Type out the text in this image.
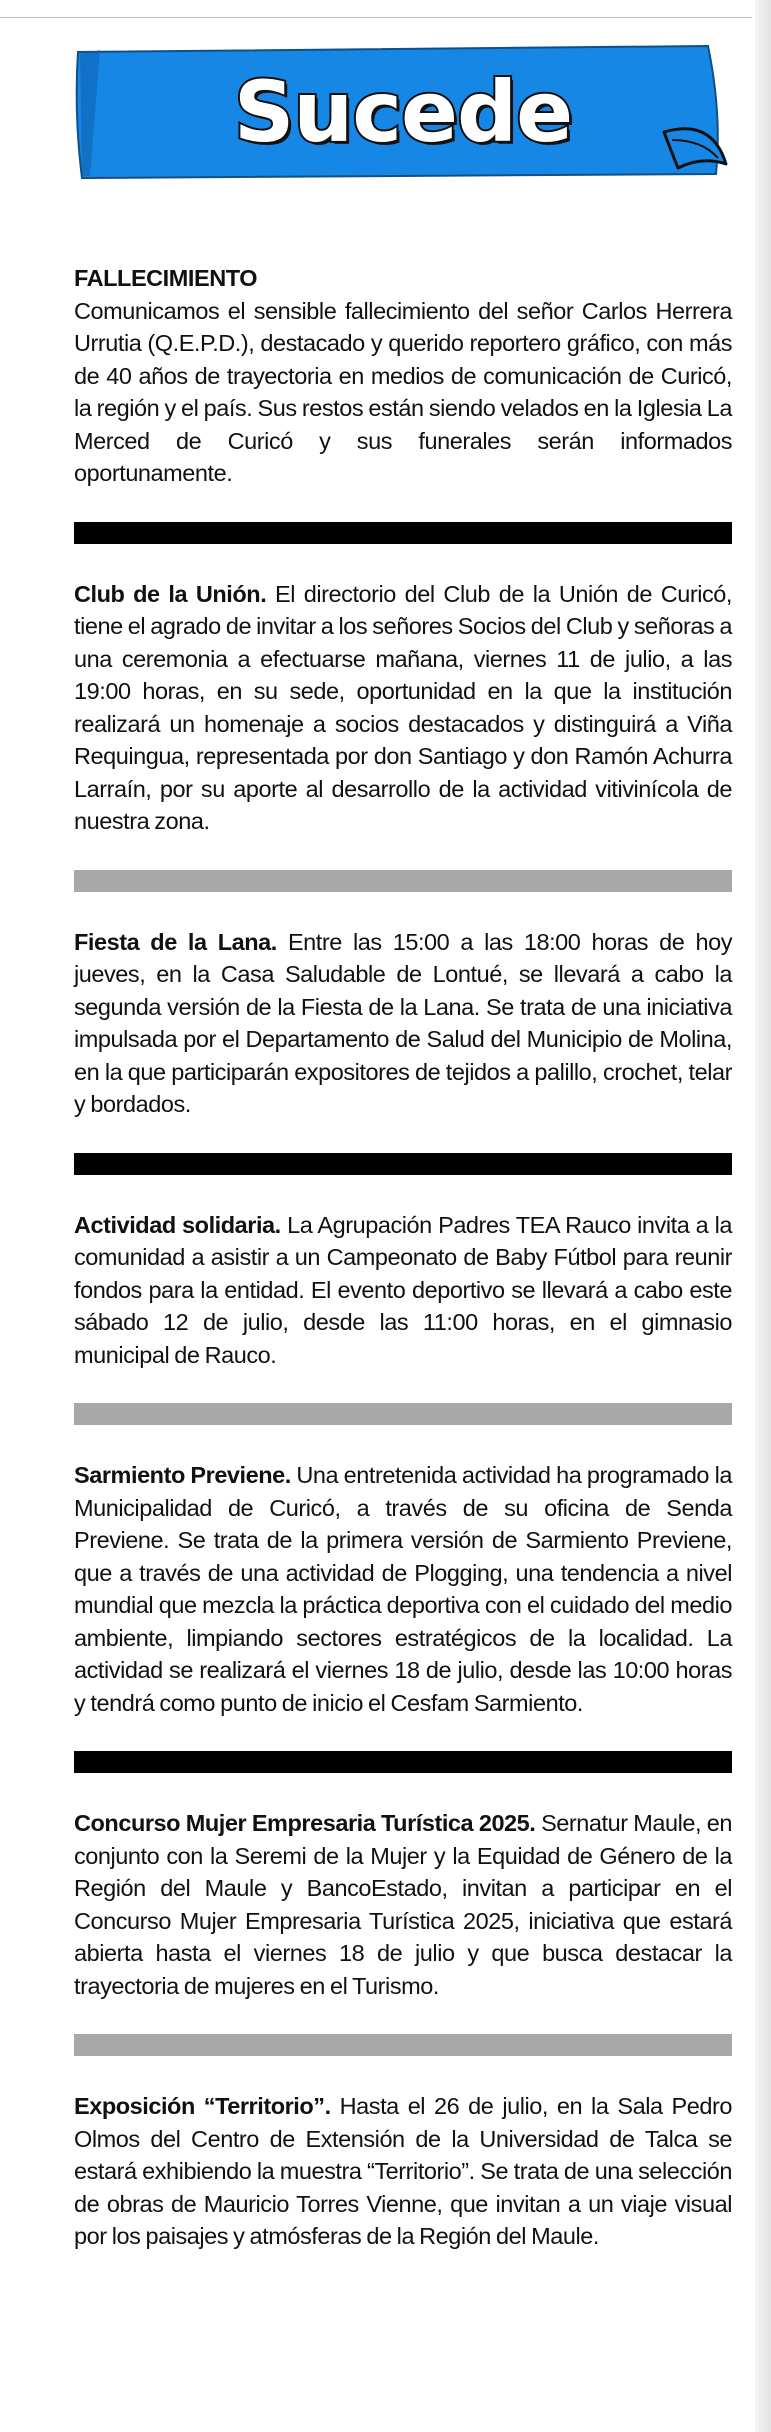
Sucede
FALLECIMIENTO
Comunicamos el sensible fallecimiento del señor Carlos Herrera Urrutia (Q.E.P.D.), destacado y querido reportero gráfico, con más de 40 años de trayectoria en medios de comunicación de Curicó, la región y el país. Sus restos están siendo velados en la Iglesia La Merced de Curicó y sus funerales serán informados oportunamente.
Club de la Unión. El directorio del Club de la Unión de Curicó, tiene el agrado de invitar a los señores Socios del Club y señoras a una ceremonia a efectuarse mañana, viernes 11 de julio, a las 19:00 horas, en su sede, oportunidad en la que la institución realizará un homenaje a socios destacados y distinguirá a Viña Requingua, representada por don Santiago y don Ramón Achurra Larraín, por su aporte al desarrollo de la actividad vitivinícola de nuestra zona.
Fiesta de la Lana. Entre las 15:00 a las 18:00 horas de hoy jueves, en la Casa Saludable de Lontué, se llevará a cabo la segunda versión de la Fiesta de la Lana. Se trata de una iniciativa impulsada por el Departamento de Salud del Municipio de Molina, en la que participarán expositores de tejidos a palillo, crochet, telar y bordados.
Actividad solidaria. La Agrupación Padres TEA Rauco invita a la comunidad a asistir a un Campeonato de Baby Fútbol para reunir fondos para la entidad. El evento deportivo se llevará a cabo este sábado 12 de julio, desde las 11:00 horas, en el gimnasio municipal de Rauco.
Sarmiento Previene. Una entretenida actividad ha programado la Municipalidad de Curicó, a través de su oficina de Senda Previene. Se trata de la primera versión de Sarmiento Previene, que a través de una actividad de Plogging, una tendencia a nivel mundial que mezcla la práctica deportiva con el cuidado del medio ambiente, limpiando sectores estratégicos de la localidad. La actividad se realizará el viernes 18 de julio, desde las 10:00 horas y tendrá como punto de inicio el Cesfam Sarmiento.
Concurso Mujer Empresaria Turística 2025. Sernatur Maule, en conjunto con la Seremi de la Mujer y la Equidad de Género de la Región del Maule y BancoEstado, invitan a participar en el Concurso Mujer Empresaria Turística 2025, iniciativa que estará abierta hasta el viernes 18 de julio y que busca destacar la trayectoria de mujeres en el Turismo.
Exposición “Territorio”. Hasta el 26 de julio, en la Sala Pedro Olmos del Centro de Extensión de la Universidad de Talca se estará exhibiendo la muestra “Territorio”. Se trata de una selección de obras de Mauricio Torres Vienne, que invitan a un viaje visual por los paisajes y atmósferas de la Región del Maule.
